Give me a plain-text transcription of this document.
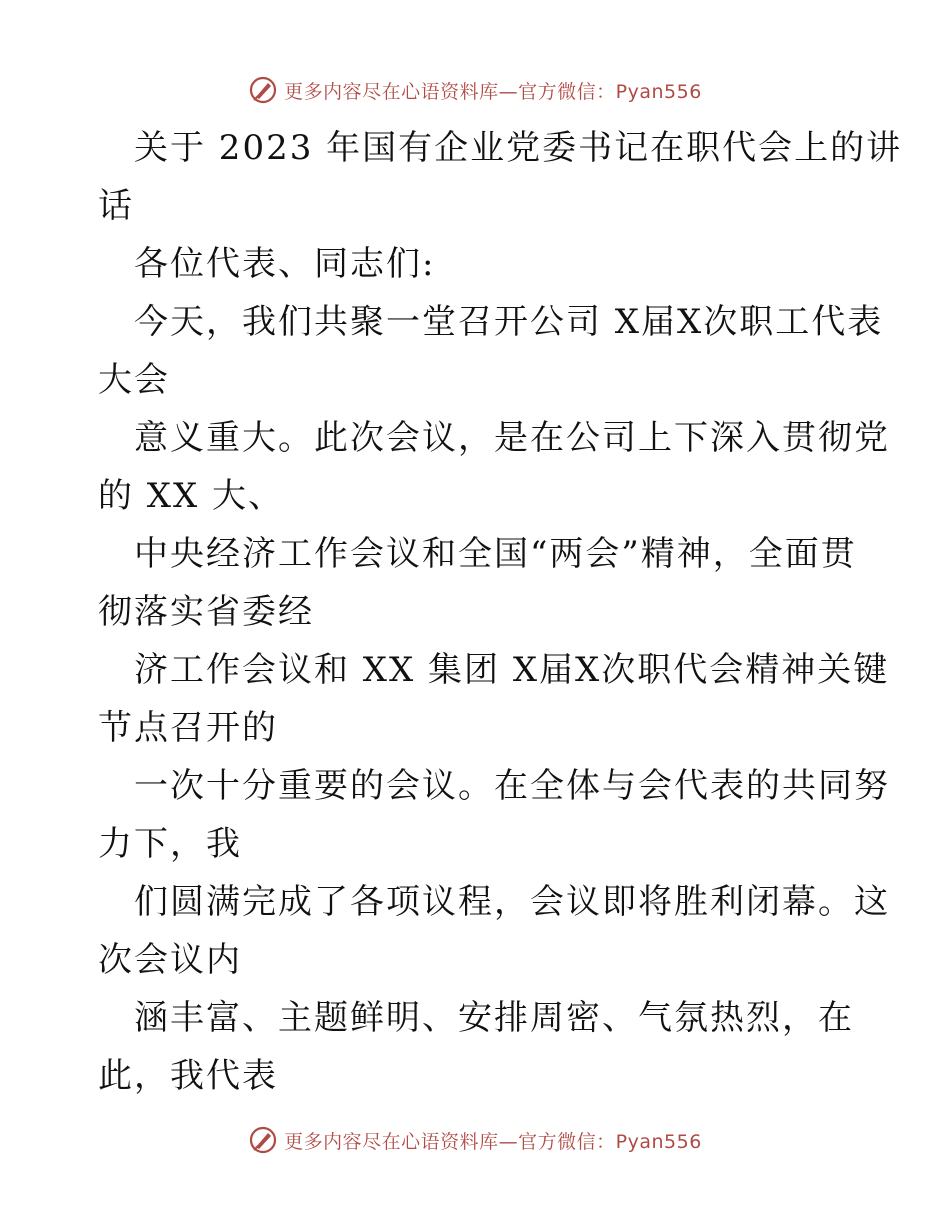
更多内容尽在心语资料库—官方微信：Pyan556
关于 2023 年国有企业党委书记在职代会上的讲
话
各位代表、同志们:
今天，我们共聚一堂召开公司 X届X次职工代表
大会
意义重大。此次会议，是在公司上下深入贯彻党
的 XX 大、
中央经济工作会议和全国“两会”精神，全面贯
彻落实省委经
济工作会议和 XX 集团 X届X次职代会精神关键
节点召开的
一次十分重要的会议。在全体与会代表的共同努
力下，我
们圆满完成了各项议程，会议即将胜利闭幕。这
次会议内
涵丰富、主题鲜明、安排周密、气氛热烈，在
此，我代表
更多内容尽在心语资料库—官方微信：Pyan556
